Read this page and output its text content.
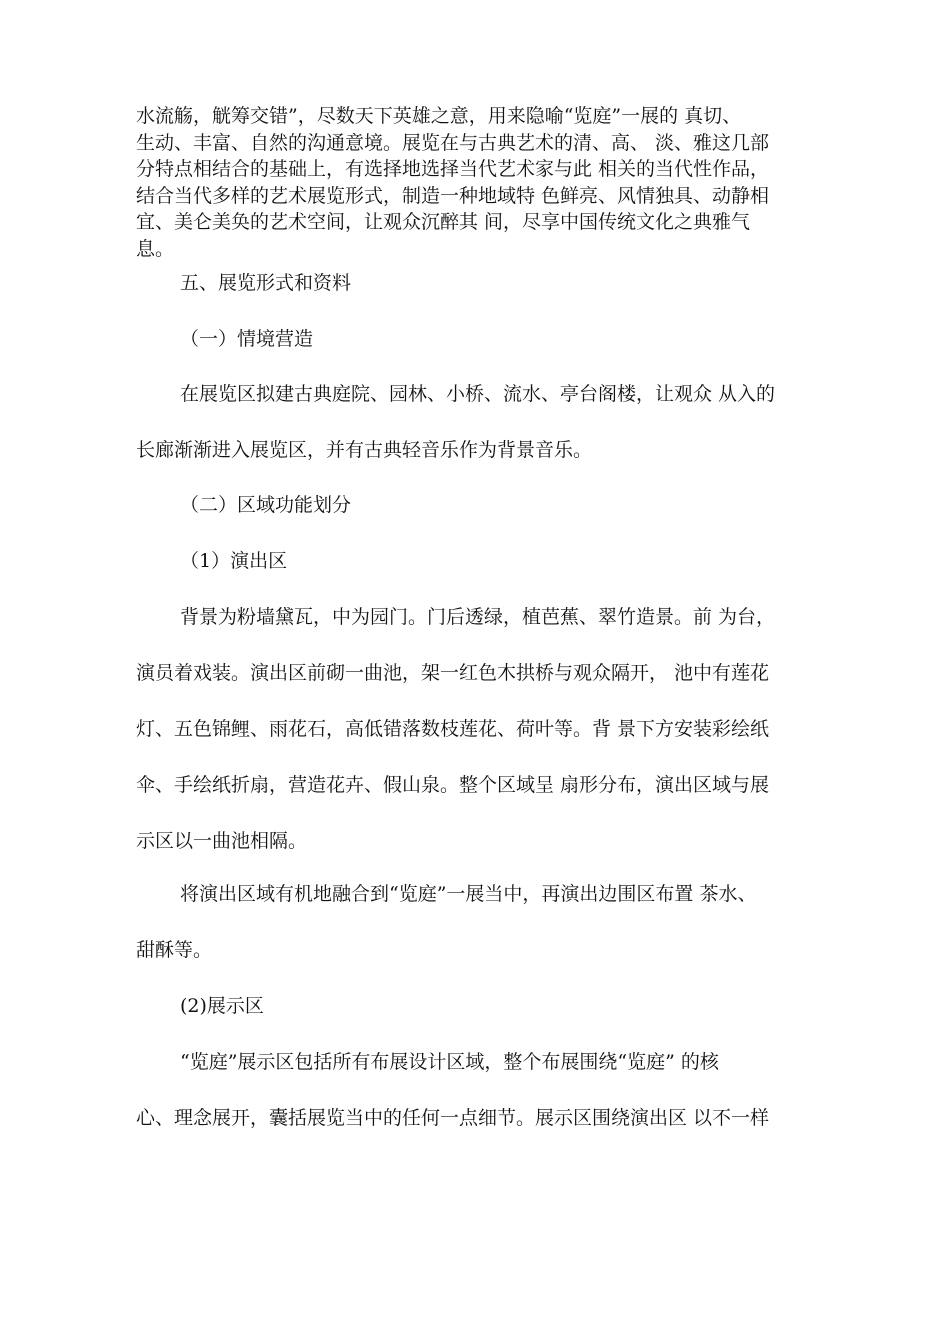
水流觞，觥筹交错”，尽数天下英雄之意，用来隐喻“览庭”一展的 真切、
生动、丰富、自然的沟通意境。展览在与古典艺术的清、高、 淡、雅这几部
分特点相结合的基础上，有选择地选择当代艺术家与此 相关的当代性作品，
结合当代多样的艺术展览形式，制造一种地域特 色鲜亮、风情独具、动静相
宜、美仑美奂的艺术空间，让观众沉醉其 间，尽享中国传统文化之典雅气
息。
五、展览形式和资料
（一）情境营造
在展览区拟建古典庭院、园林、小桥、流水、亭台阁楼，让观众 从入的
长廊渐渐进入展览区，并有古典轻音乐作为背景音乐。
（二）区域功能划分
（1）演出区
背景为粉墙黛瓦，中为园门。门后透绿，植芭蕉、翠竹造景。前 为台，
演员着戏装。演出区前砌一曲池，架一红色木拱桥与观众隔开， 池中有莲花
灯、五色锦鲤、雨花石，高低错落数枝莲花、荷叶等。背 景下方安装彩绘纸
伞、手绘纸折扇，营造花卉、假山泉。整个区域呈 扇形分布，演出区域与展
示区以一曲池相隔。
将演出区域有机地融合到“览庭”一展当中，再演出边围区布置 茶水、
甜酥等。
(2)展示区
“览庭”展示区包括所有布展设计区域，整个布展围绕“览庭” 的核
心、理念展开，囊括展览当中的任何一点细节。展示区围绕演出区 以不一样
